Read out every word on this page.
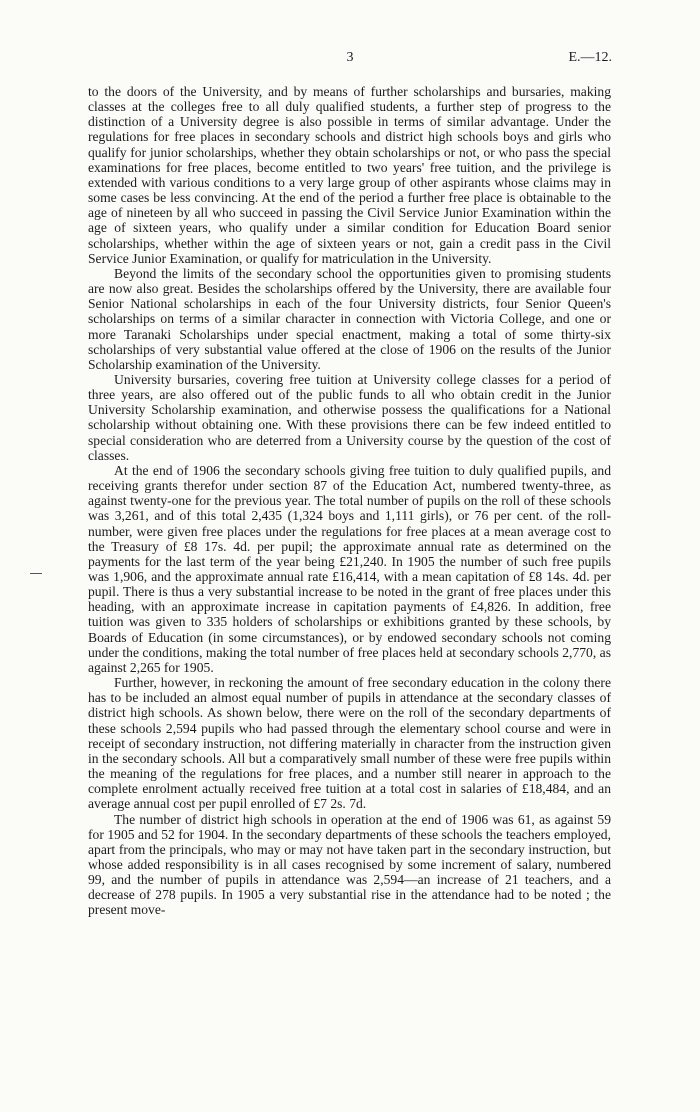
3	E.—12.

to the doors of the University, and by means of further scholarships and bursaries, making classes at the colleges free to all duly qualified students, a further step of progress to the distinction of a University degree is also possible in terms of similar advantage. Under the regulations for free places in secondary schools and district high schools boys and girls who qualify for junior scholarships, whether they obtain scholarships or not, or who pass the special examinations for free places, become entitled to two years' free tuition, and the privilege is extended with various conditions to a very large group of other aspirants whose claims may in some cases be less convincing. At the end of the period a further free place is obtainable to the age of nineteen by all who succeed in passing the Civil Service Junior Examination within the age of sixteen years, who qualify under a similar condition for Education Board senior scholarships, whether within the age of sixteen years or not, gain a credit pass in the Civil Service Junior Examination, or qualify for matriculation in the University.

Beyond the limits of the secondary school the opportunities given to promising students are now also great. Besides the scholarships offered by the University, there are available four Senior National scholarships in each of the four University districts, four Senior Queen's scholarships on terms of a similar character in connection with Victoria College, and one or more Taranaki Scholarships under special enactment, making a total of some thirty-six scholarships of very substantial value offered at the close of 1906 on the results of the Junior Scholarship examination of the University.

University bursaries, covering free tuition at University college classes for a period of three years, are also offered out of the public funds to all who obtain credit in the Junior University Scholarship examination, and otherwise possess the qualifications for a National scholarship without obtaining one. With these provisions there can be few indeed entitled to special consideration who are deterred from a University course by the question of the cost of classes.

At the end of 1906 the secondary schools giving free tuition to duly qualified pupils, and receiving grants therefor under section 87 of the Education Act, numbered twenty-three, as against twenty-one for the previous year. The total number of pupils on the roll of these schools was 3,261, and of this total 2,435 (1,324 boys and 1,111 girls), or 76 per cent. of the roll-number, were given free places under the regulations for free places at a mean average cost to the Treasury of £8 17s. 4d. per pupil; the approximate annual rate as determined on the payments for the last term of the year being £21,240. In 1905 the number of such free pupils was 1,906, and the approximate annual rate £16,414, with a mean capitation of £8 14s. 4d. per pupil. There is thus a very substantial increase to be noted in the grant of free places under this heading, with an approximate increase in capitation payments of £4,826. In addition, free tuition was given to 335 holders of scholarships or exhibitions granted by these schools, by Boards of Education (in some circumstances), or by endowed secondary schools not coming under the conditions, making the total number of free places held at secondary schools 2,770, as against 2,265 for 1905.

Further, however, in reckoning the amount of free secondary education in the colony there has to be included an almost equal number of pupils in attendance at the secondary classes of district high schools. As shown below, there were on the roll of the secondary departments of these schools 2,594 pupils who had passed through the elementary school course and were in receipt of secondary instruction, not differing materially in character from the instruction given in the secondary schools. All but a comparatively small number of these were free pupils within the meaning of the regulations for free places, and a number still nearer in approach to the complete enrolment actually received free tuition at a total cost in salaries of £18,484, and an average annual cost per pupil enrolled of £7 2s. 7d.

The number of district high schools in operation at the end of 1906 was 61, as against 59 for 1905 and 52 for 1904. In the secondary departments of these schools the teachers employed, apart from the principals, who may or may not have taken part in the secondary instruction, but whose added responsibility is in all cases recognised by some increment of salary, numbered 99, and the number of pupils in attendance was 2,594—an increase of 21 teachers, and a decrease of 278 pupils. In 1905 a very substantial rise in the attendance had to be noted ; the present move-
